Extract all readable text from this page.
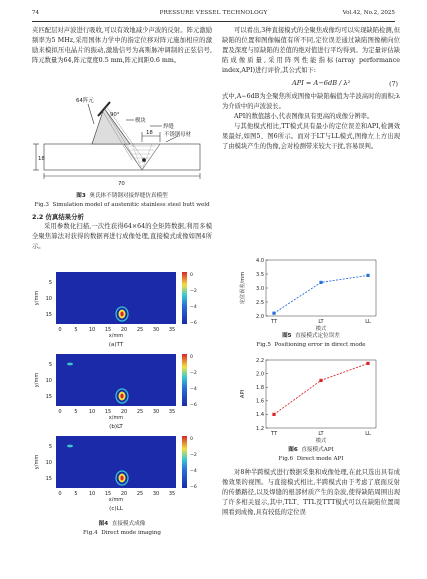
74	PRESSURE VESSEL TECHNOLOGY	Vol.42, No.2, 2025

夹匹配层对声波进行吸收,可以有效地减少声波的反射。阵元激励频率为5 MHz,采用国体力学中的指定位移对阵元施加相应的激励来模拟压电晶片的振动,激励信号为高斯脉冲调制的正弦信号,阵元数量为64,阵元宽度0.5 mm,阵元间距0.6 mm。

64阵元
90°
楔块
焊缝
不锈钢母材
18
18
70

图3 奥氏体不锈钢对接焊缝仿真模型

Fig.3 Simulation model of austenitic stainless steel butt weld

2.2 仿真结果分析

采用参数化扫描,一次性获得64×64的全矩阵数据,利用多模全聚焦算法对获得的数据再进行成像处理,直接模式成像如图4所示。

5
10
15
y/mm
0	5 10 15 20 25 30 35
x/mm
(a)TT
0
−2
−4
−6
5
10
15
y/mm
0	5 10 15 20 25 30 35
x/mm
(b)LT
0
−2
−4
−6
5
10
15
y/mm
0	5 10 15 20 25 30 35
x/mm
(c)LL
0
−2
−4
−6

图4 直接模式成像

Fig.4 Direct mode imaging

可以看出,3种直接模式的全聚焦成像均可以实现缺陷检测,但缺陷的位置和图像幅值有所不同,定位误差通过缺陷图像横向位置及深度与原缺陷的差值的绝对值进行平均得到。为定量评估缺陷成像质量,采用阵列性能指标(array performance index,API)进行评价,其公式如下:

API = A−6dB / λ²	(7)

式中,A−6dB为全聚焦所成图像中缺陷幅值为半波高时的面积;λ为介质中的声波波长。

API的数值越小,代表图像具有更高的成像分辨率。

与其他模式相比,TT模式具有最小的定位误差和API,检测效果最好,如图5、图6所示。而对于LT与LL模式,图像左上方出现了由模块产生的伪像,会对检测带来较大干扰,容易误判。

2.0
2.5
3.0
3.5
4.0
定位误差/mm
TT	LT	LL
模式

图5 直接模式定位误差

Fig.5 Positioning error in direct mode

1.2
1.4
1.6
1.8
2.0
2.2
API
TT	LT	LL
模式

图6 直接模式API

Fig.6 Direct mode API

对8种半跨模式进行数据采集和成像处理,在此只选出具有成像效果的视图。与直接模式相比,半跨模式由于考虑了底面反射的传播路径,以及焊缝的根部材质产生的杂波,使得缺陷周围出现了许多相关显示,其中,TLT、TTL及TTT模式可以在缺陷位置周围看到成像,具有较低的定位误
